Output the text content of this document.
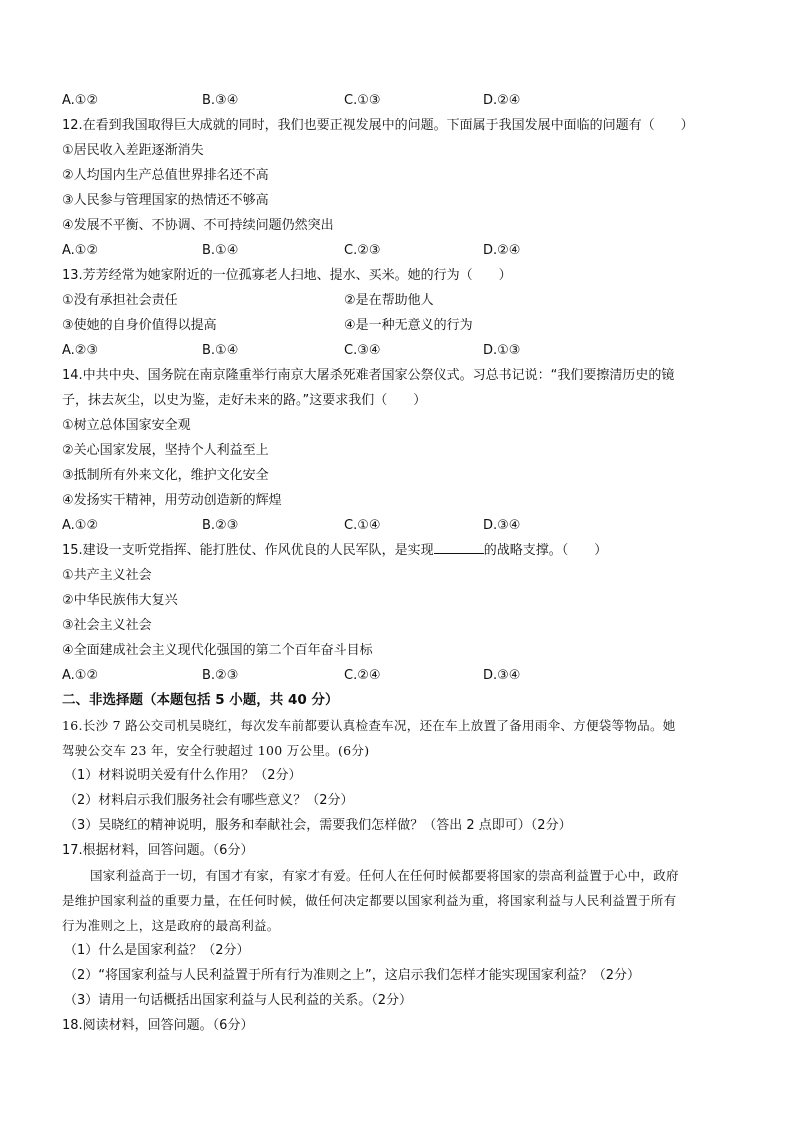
A.①②	B.③④	C.①③	D.②④
12.在看到我国取得巨大成就的同时，我们也要正视发展中的问题。下面属于我国发展中面临的问题有（　　）
①居民收入差距逐渐消失
②人均国内生产总值世界排名还不高
③人民参与管理国家的热情还不够高
④发展不平衡、不协调、不可持续问题仍然突出
A.①②	B.①④	C.②③	D.②④
13.芳芳经常为她家附近的一位孤寡老人扫地、提水、买米。她的行为（　　）
①没有承担社会责任	②是在帮助他人
③使她的自身价值得以提高	④是一种无意义的行为
A.②③	B.①④	C.③④	D.①③
14.中共中央、国务院在南京隆重举行南京大屠杀死难者国家公祭仪式。习总书记说：“我们要擦清历史的镜
子，抹去灰尘，以史为鉴，走好未来的路。”这要求我们（　　）
①树立总体国家安全观
②关心国家发展，坚持个人利益至上
③抵制所有外来文化，维护文化安全
④发扬实干精神，用劳动创造新的辉煌
A.①②	B.②③	C.①④	D.③④
15.建设一支听党指挥、能打胜仗、作风优良的人民军队，是实现	的战略支撑。（　　）
①共产主义社会
②中华民族伟大复兴
③社会主义社会
④全面建成社会主义现代化强国的第二个百年奋斗目标
A.①②	B.②③	C.②④	D.③④
二、非选择题（本题包括 5 小题，共 40 分）
16.长沙 7 路公交司机吴晓红，每次发车前都要认真检查车况，还在车上放置了备用雨伞、方便袋等物品。她
驾驶公交车 23 年，安全行驶超过 100 万公里。(6分)
（1）材料说明关爱有什么作用？（2分）
（2）材料启示我们服务社会有哪些意义？（2分）
（3）吴晓红的精神说明，服务和奉献社会，需要我们怎样做？（答出 2 点即可）（2分）
17.根据材料，回答问题。（6分）
国家利益高于一切，有国才有家，有家才有爱。任何人在任何时候都要将国家的崇高利益置于心中，政府
是维护国家利益的重要力量，在任何时候，做任何决定都要以国家利益为重，将国家利益与人民利益置于所有
行为准则之上，这是政府的最高利益。
（1）什么是国家利益？（2分）
（2）“将国家利益与人民利益置于所有行为准则之上”，这启示我们怎样才能实现国家利益？（2分）
（3）请用一句话概括出国家利益与人民利益的关系。（2分）
18.阅读材料，回答问题。（6分）
